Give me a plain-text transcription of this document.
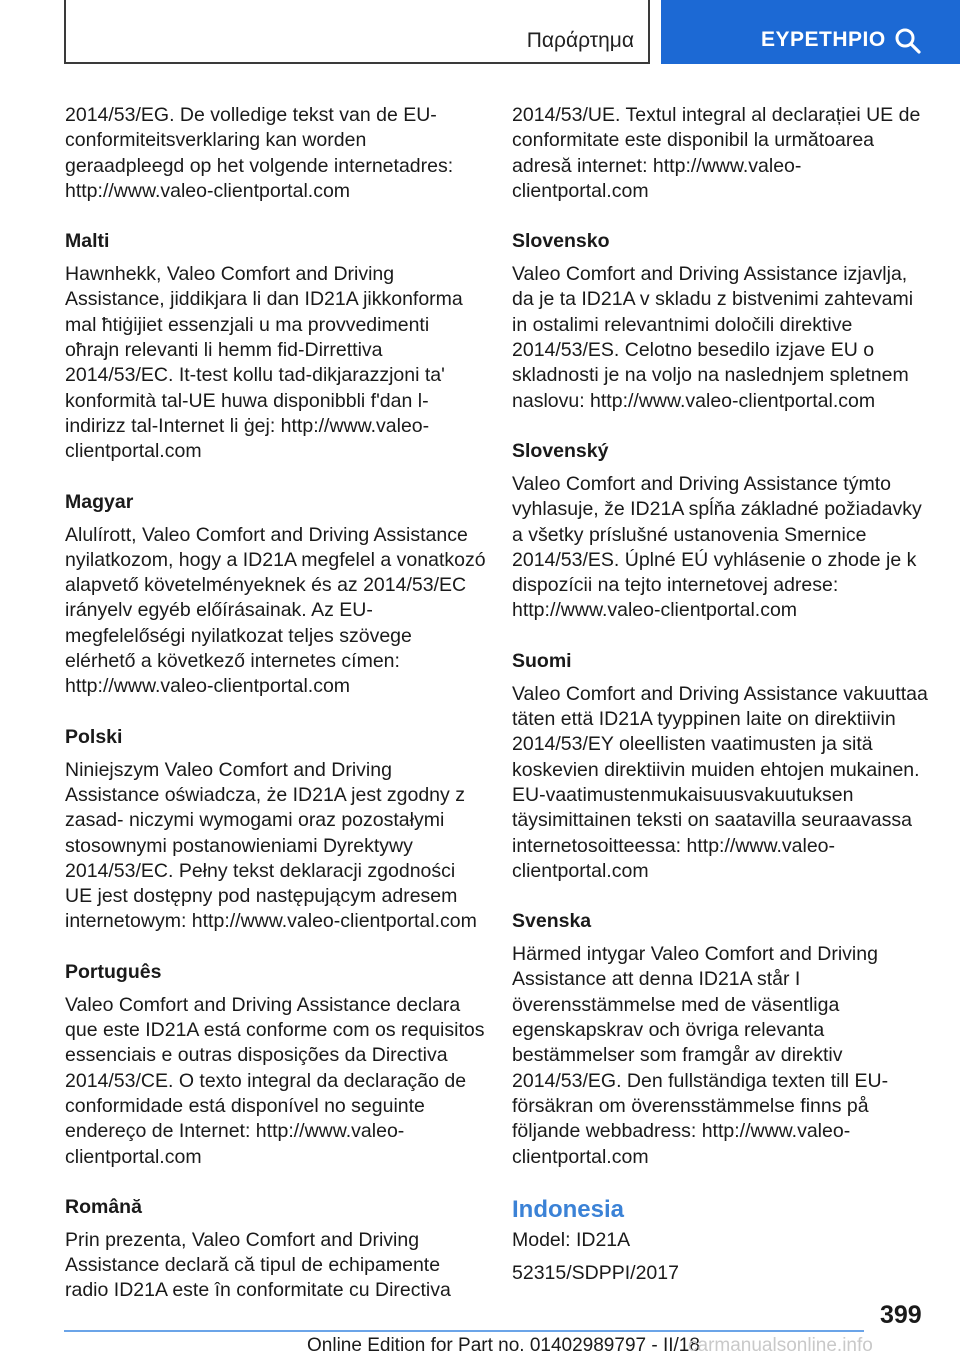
Παράρτημα	ΕΥΡΕΤΗΡΙΟ

2014/53/EG. De volledige tekst van de EU-conformiteitsverklaring kan worden geraadpleegd op het volgende internetadres: http://www.valeo-clientportal.com

Malti

Hawnhekk, Valeo Comfort and Driving Assistance, jiddikjara li dan ID21A jikkonforma mal ħtiġijiet essenzjali u ma provvedimenti oħrajn relevanti li hemm fid-Dirrettiva 2014/53/EC. It-test kollu tad-dikjarazzjoni ta' konformità tal-UE huwa disponibbli f'dan l-indirizz tal-Internet li ġej: http://www.valeo-clientportal.com

Magyar

Alulírott, Valeo Comfort and Driving Assistance nyilatkozom, hogy a ID21A megfelel a vonatkozó alapvető követelményeknek és az 2014/53/EC irányelv egyéb előírásainak. Az EU-megfelelőségi nyilatkozat teljes szövege elérhető a következő internetes címen: http://www.valeo-clientportal.com

Polski

Niniejszym Valeo Comfort and Driving Assistance oświadcza, że ID21A jest zgodny z zasad- niczymi wymogami oraz pozostałymi stosownymi postanowieniami Dyrektywy 2014/53/EC. Pełny tekst deklaracji zgodności UE jest dostępny pod następującym adresem internetowym: http://www.valeo-clientportal.com

Português

Valeo Comfort and Driving Assistance declara que este ID21A está conforme com os requisitos essenciais e outras disposições da Directiva 2014/53/CE. O texto integral da declaração de conformidade está disponível no seguinte endereço de Internet: http://www.valeo-clientportal.com

Română

Prin prezenta, Valeo Comfort and Driving Assistance declară că tipul de echipamente radio ID21A este în conformitate cu Directiva

2014/53/UE. Textul integral al declarației UE de conformitate este disponibil la următoarea adresă internet: http://www.valeo-clientportal.com

Slovensko

Valeo Comfort and Driving Assistance izjavlja, da je ta ID21A v skladu z bistvenimi zahtevami in ostalimi relevantnimi določili direktive 2014/53/ES. Celotno besedilo izjave EU o skladnosti je na voljo na naslednjem spletnem naslovu: http://www.valeo-clientportal.com

Slovenský

Valeo Comfort and Driving Assistance týmto vyhlasuje, že ID21A spĺňa základné požiadavky a všetky príslušné ustanovenia Smernice 2014/53/ES. Úplné EÚ vyhlásenie o zhode je k dispozícii na tejto internetovej adrese: http://www.valeo-clientportal.com

Suomi

Valeo Comfort and Driving Assistance vakuuttaa täten että ID21A tyyppinen laite on direktiivin 2014/53/EY oleellisten vaatimusten ja sitä koskevien direktiivin muiden ehtojen mukainen. EU-vaatimustenmukaisuusvakuutuksen täysimittainen teksti on saatavilla seuraavassa internetosoitteessa: http://www.valeo-clientportal.com

Svenska

Härmed intygar Valeo Comfort and Driving Assistance att denna ID21A står I överensstämmelse med de väsentliga egenskapskrav och övriga relevanta bestämmelser som framgår av direktiv 2014/53/EG. Den fullständiga texten till EU-försäkran om överensstämmelse finns på följande webbadress: http://www.valeo-clientportal.com

Indonesia

Model: ID21A

52315/SDPPI/2017

399
Online Edition for Part no. 01402989797 - II/18
carmanualsonline.info
